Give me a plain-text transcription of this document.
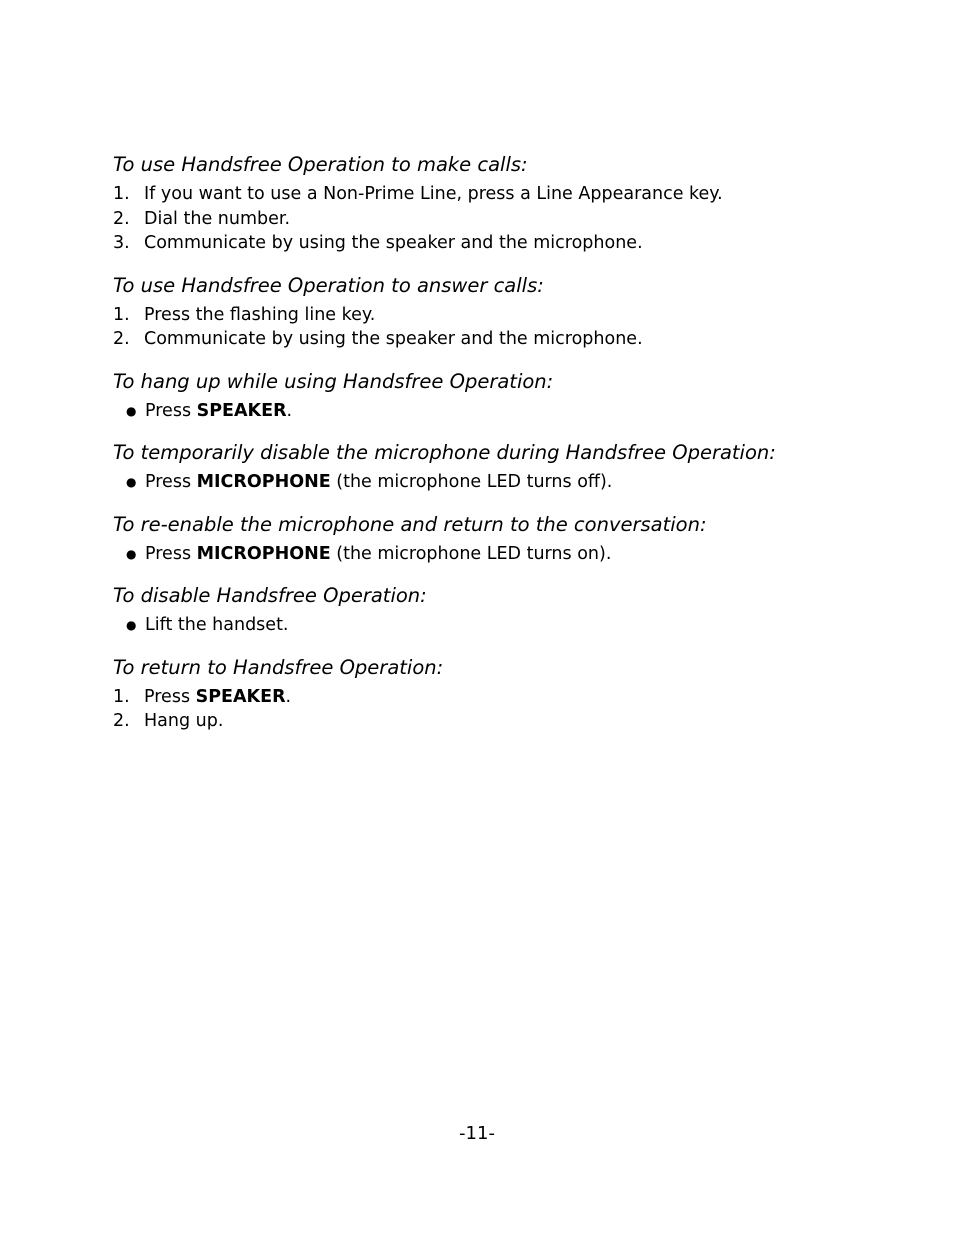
To use Handsfree Operation to make calls:
1. If you want to use a Non-Prime Line, press a Line Appearance key.
2. Dial the number.
3. Communicate by using the speaker and the microphone.
To use Handsfree Operation to answer calls:
1. Press the flashing line key.
2. Communicate by using the speaker and the microphone.
To hang up while using Handsfree Operation:
● Press SPEAKER.
To temporarily disable the microphone during Handsfree Operation:
● Press MICROPHONE (the microphone LED turns off).
To re-enable the microphone and return to the conversation:
● Press MICROPHONE (the microphone LED turns on).
To disable Handsfree Operation:
● Lift the handset.
To return to Handsfree Operation:
1. Press SPEAKER.
2. Hang up.
-11-
